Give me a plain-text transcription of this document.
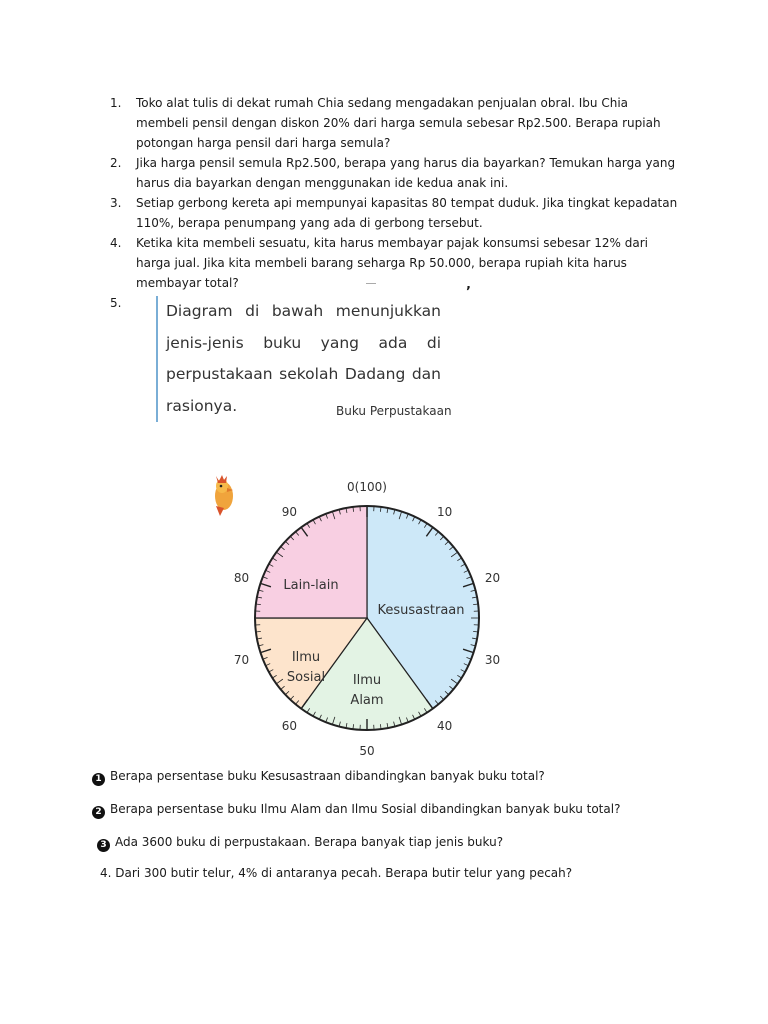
1. Toko alat tulis di dekat rumah Chia sedang mengadakan penjualan obral. Ibu Chia membeli pensil dengan diskon 20% dari harga semula sebesar Rp2.500. Berapa rupiah potongan harga pensil dari harga semula?
2. Jika harga pensil semula Rp2.500, berapa yang harus dia bayarkan? Temukan harga yang harus dia bayarkan dengan menggunakan ide kedua anak ini.
3. Setiap gerbong kereta api mempunyai kapasitas 80 tempat duduk. Jika tingkat kepadatan 110%, berapa penumpang yang ada di gerbong tersebut.
4. Ketika kita membeli sesuatu, kita harus membayar pajak konsumsi sebesar 12% dari harga jual. Jika kita membeli barang seharga Rp 50.000, berapa rupiah kita harus membayar total?
5.
’
Diagram di bawah menunjukkan jenis-jenis buku yang ada di perpustakaan sekolah Dadang dan rasionya.	Buku Perpustakaan
0(100)
10
20
30
40
50
60
70
80
90
Kesusastraan
Ilmu
Alam
Ilmu
Sosial
Lain-lain
1 Berapa persentase buku Kesusastraan dibandingkan banyak buku total?
2 Berapa persentase buku Ilmu Alam dan Ilmu Sosial dibandingkan banyak buku total?
3 Ada 3600 buku di perpustakaan. Berapa banyak tiap jenis buku?
4. Dari 300 butir telur, 4% di antaranya pecah. Berapa butir telur yang pecah?
